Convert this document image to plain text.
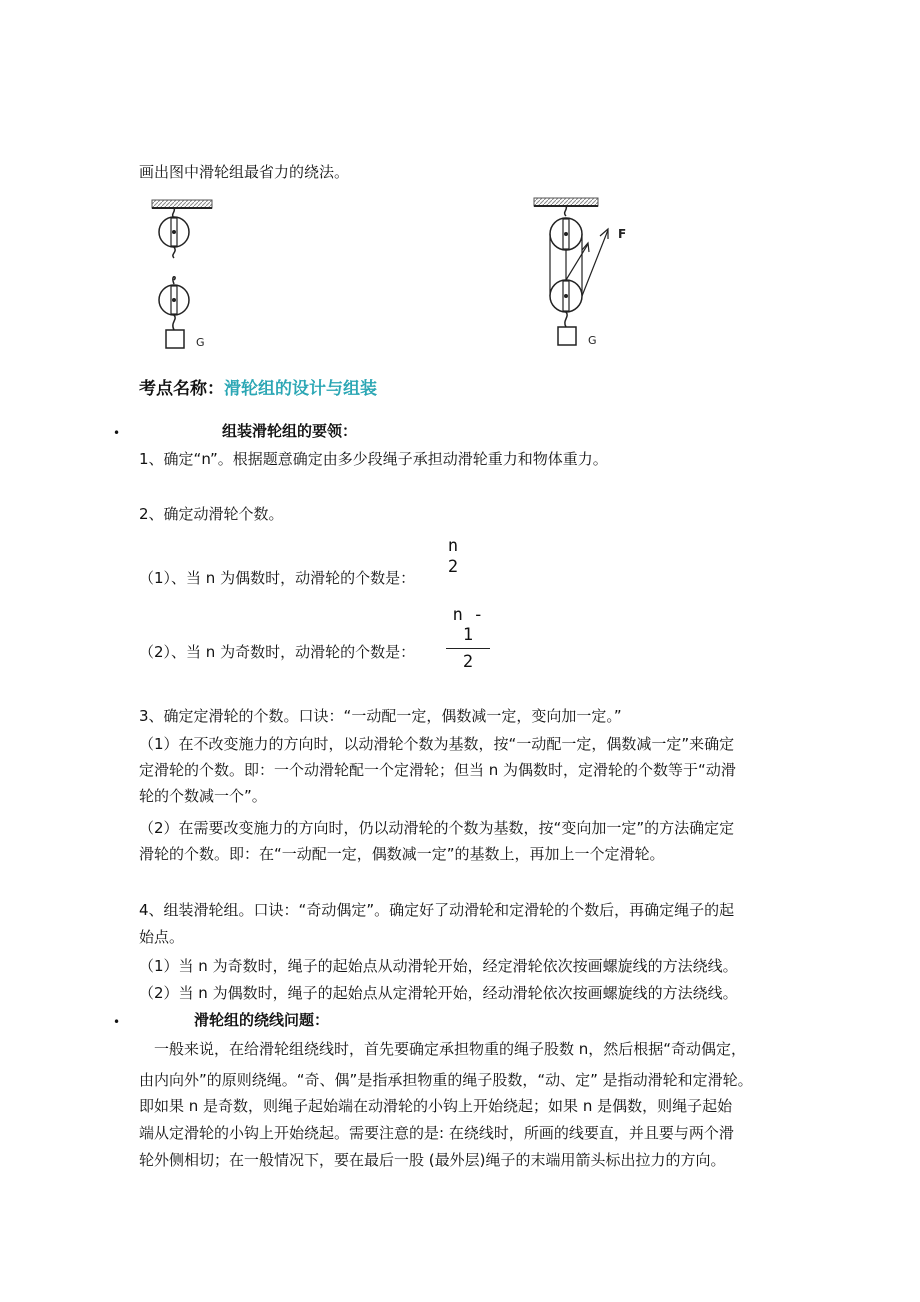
画出图中滑轮组最省力的绕法。
G
F
G
考点名称：滑轮组的设计与组装
•	组装滑轮组的要领：
1、确定“n”。根据题意确定由多少段绳子承担动滑轮重力和物体重力。
2、确定动滑轮个数。
（1）、当 n 为偶数时，动滑轮的个数是：
n
2
（2）、当 n 为奇数时，动滑轮的个数是：
n - 1
2
3、确定定滑轮的个数。口诀：“一动配一定，偶数减一定，变向加一定。”
（1）在不改变施力的方向时，以动滑轮个数为基数，按“一动配一定，偶数减一定”来确定
定滑轮的个数。即：一个动滑轮配一个定滑轮；但当 n 为偶数时，定滑轮的个数等于“动滑
轮的个数减一个”。
（2）在需要改变施力的方向时，仍以动滑轮的个数为基数，按“变向加一定”的方法确定定
滑轮的个数。即：在“一动配一定，偶数减一定”的基数上，再加上一个定滑轮。
4、组装滑轮组。口诀：“奇动偶定”。确定好了动滑轮和定滑轮的个数后，再确定绳子的起
始点。
（1）当 n 为奇数时，绳子的起始点从动滑轮开始，经定滑轮依次按画螺旋线的方法绕线。
（2）当 n 为偶数时，绳子的起始点从定滑轮开始，经动滑轮依次按画螺旋线的方法绕线。
•	滑轮组的绕线问题：
　一般来说，在给滑轮组绕线时，首先要确定承担物重的绳子股数 n，然后根据“奇动偶定，
由内向外”的原则绕绳。“奇、偶”是指承担物重的绳子股数，“动、定” 是指动滑轮和定滑轮。
即如果 n 是奇数，则绳子起始端在动滑轮的小钩上开始绕起；如果 n 是偶数，则绳子起始
端从定滑轮的小钩上开始绕起。需要注意的是: 在绕线时，所画的线要直，并且要与两个滑
轮外侧相切；在一般情况下，要在最后一股 (最外层)绳子的末端用箭头标出拉力的方向。
